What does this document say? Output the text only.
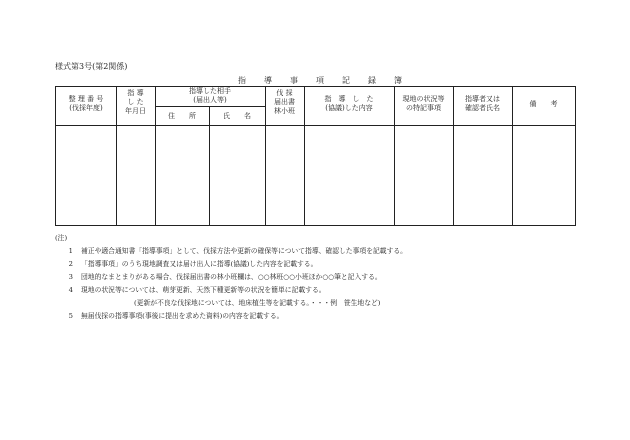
様式第3号(第2関係)
指導事項記録簿
整 理 番 号
(伐採年度)
指 導
し た
年月日
指導した相手
(届出人等)
住　　所	氏　　名
伐 採
届出書
林小班
指　導　し　た
(協議)した内容
現地の状況等
の特記事項
指導者又は
確認者氏名	備　　考
(注)
1 補正や適合通知書「指導事項」として、伐採方法や更新の確保等について指導、確認した事項を記載する。
2 「指導事項」のうち現地調査又は届け出人に指導(協議)した内容を記載する。
3 団地的なまとまりがある場合、伐採届出書の林小班欄は、○○林班○○小班ほか○○筆と記入する。
4 現地の状況等については、萌芽更新、天然下種更新等の状況を簡単に記載する。
(更新が不良な伐採地については、地床植生等を記載する。・・・例　笹生地など)
5 無届伐採の指導事項(事後に提出を求めた資料)の内容を記載する。
